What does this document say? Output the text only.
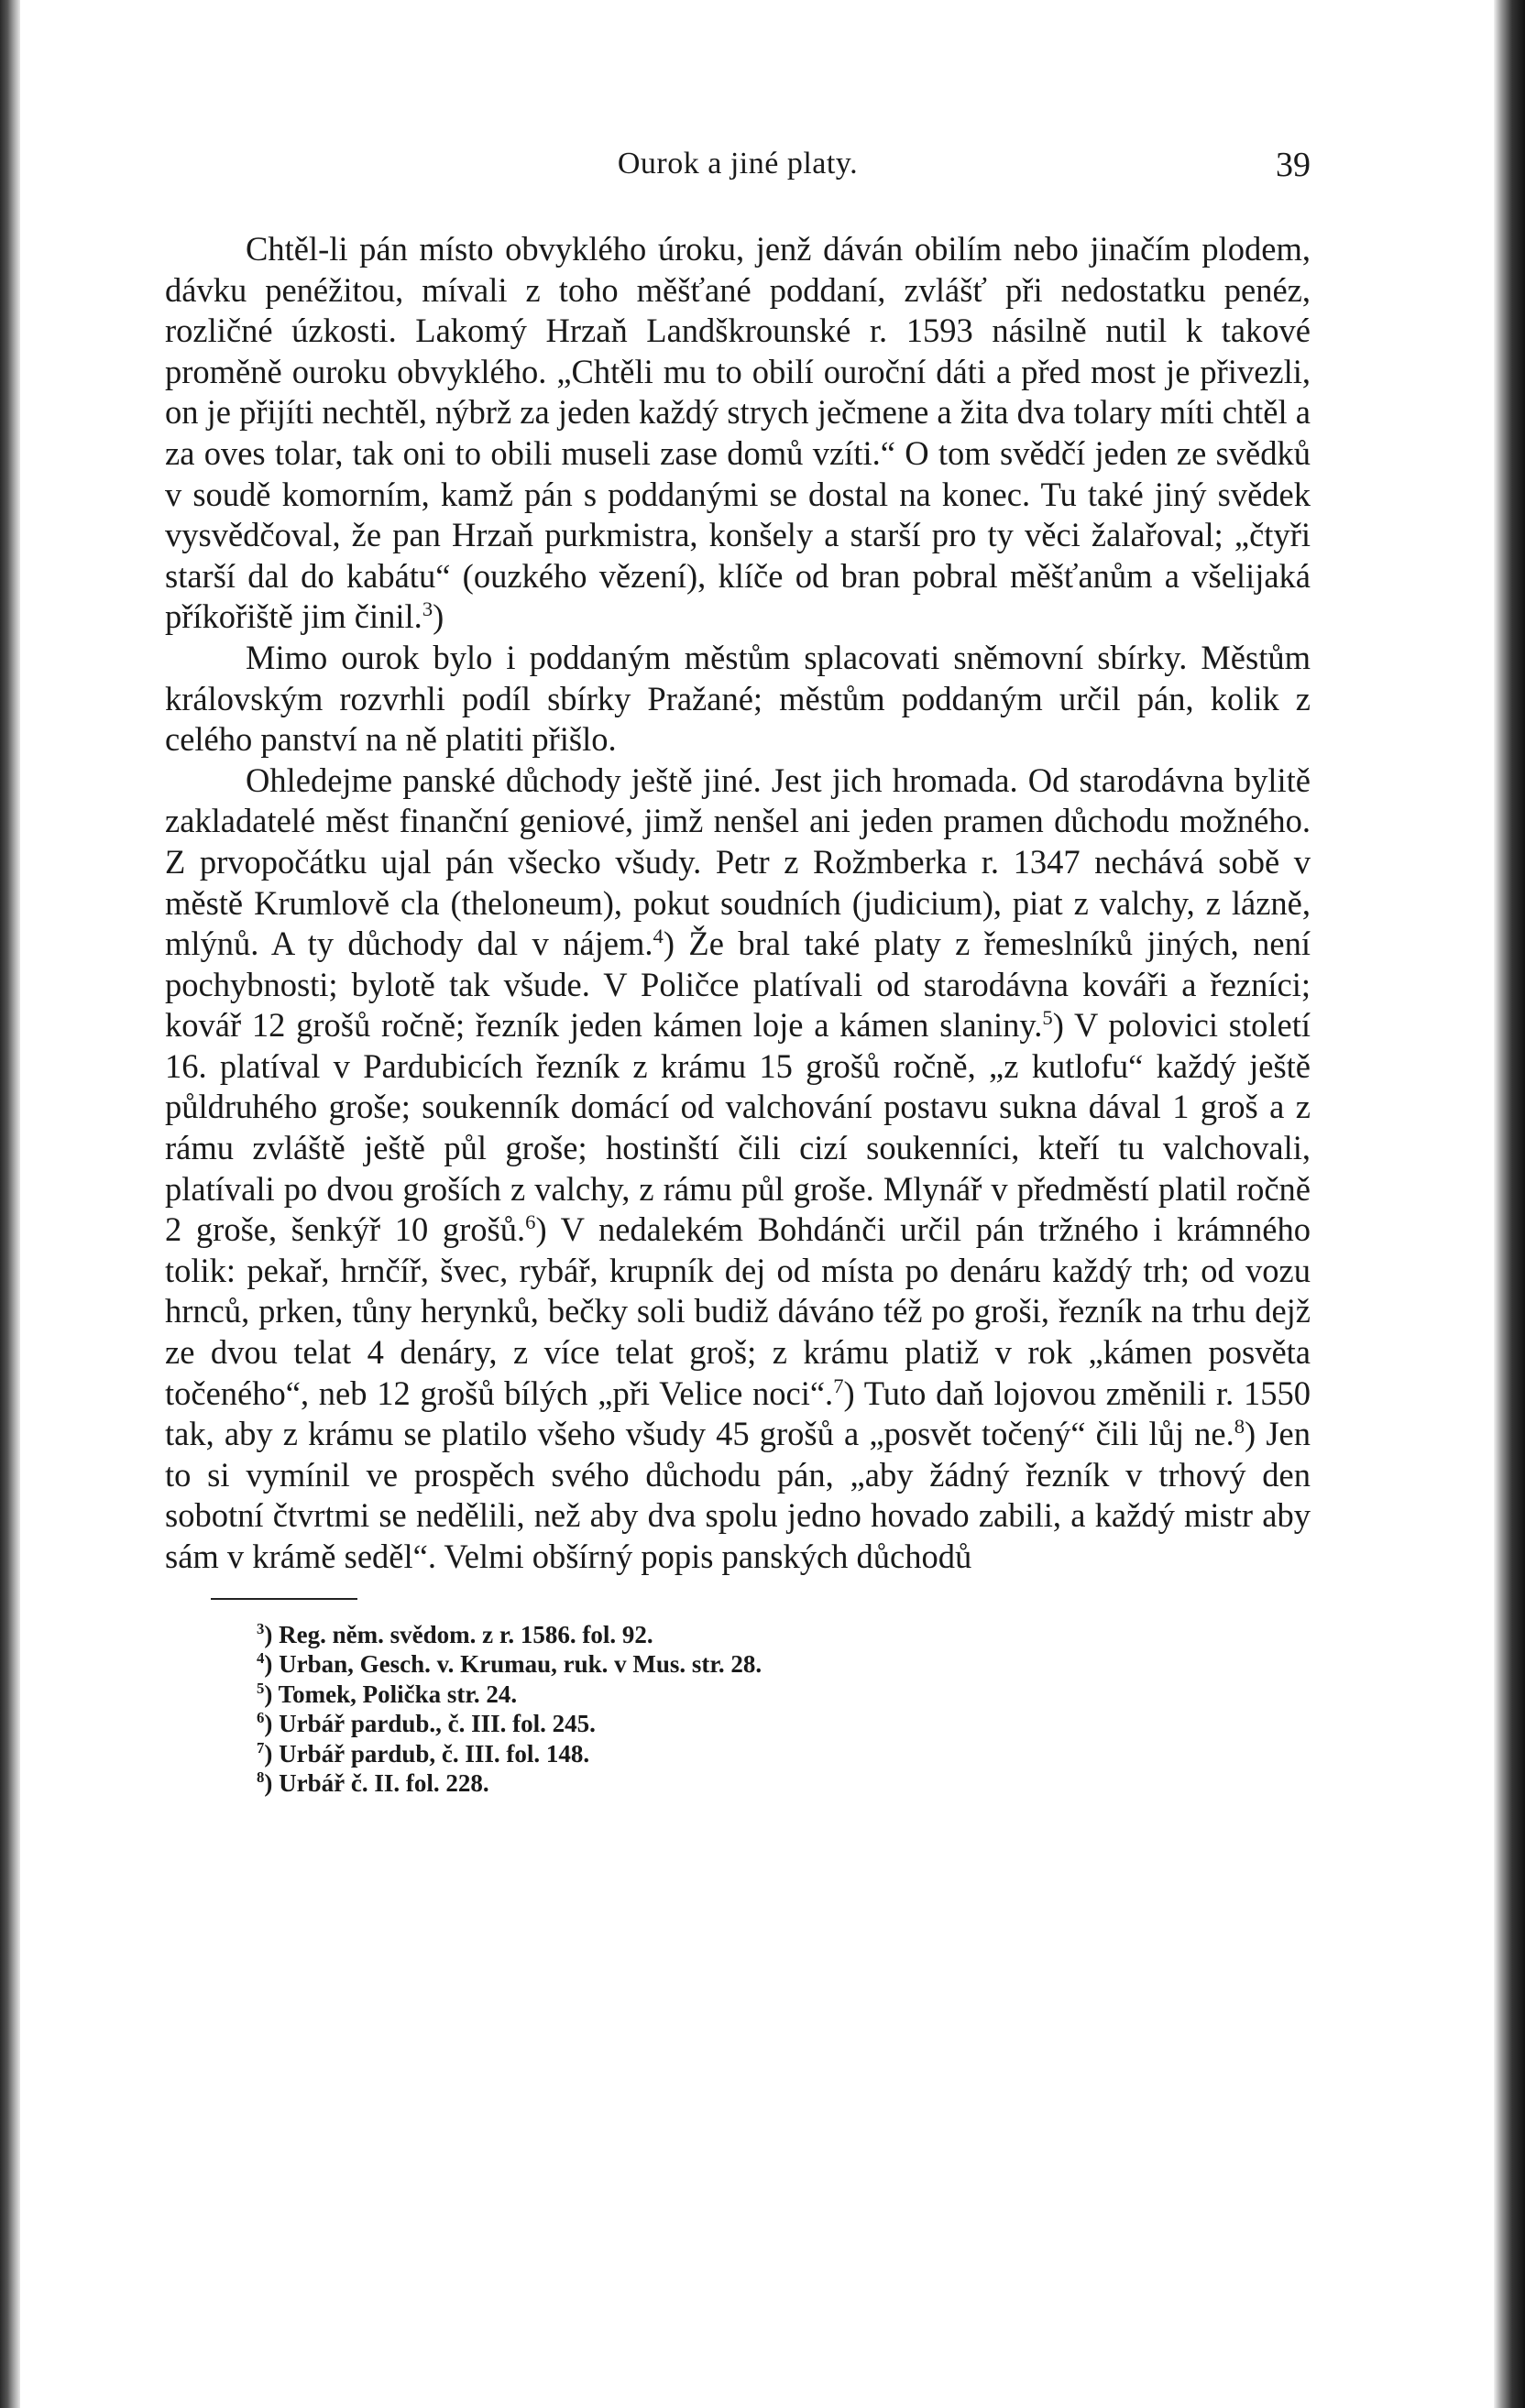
Ourok a jiné platy.	39

Chtěl-li pán místo obvyklého úroku, jenž dáván obilím nebo jinačím plodem, dávku penéžitou, mívali z toho měšťané poddaní, zvlášť při nedostatku penéz, rozličné úzkosti. Lakomý Hrzaň Landškrounské r. 1593 násilně nutil k takové proměně ouroku obvyklého. „Chtěli mu to obilí ouroční dáti a před most je přivezli, on je přijíti nechtěl, nýbrž za jeden každý strych ječmene a žita dva tolary míti chtěl a za oves tolar, tak oni to obili museli zase domů vzíti.“ O tom svědčí jeden ze svědků v soudě komorním, kamž pán s poddanými se dostal na konec. Tu také jiný svědek vysvědčoval, že pan Hrzaň purkmistra, konšely a starší pro ty věci žalařoval; „čtyři starší dal do kabátu“ (ouzkého vězení), klíče od bran pobral měšťanům a všelijaká příkořiště jim činil.$^3$)

Mimo ourok bylo i poddaným městům splacovati sněmovní sbírky. Městům královským rozvrhli podíl sbírky Pražané; městům poddaným určil pán, kolik z celého panství na ně platiti přišlo.

Ohledejme panské důchody ještě jiné. Jest jich hromada. Od starodávna bylitě zakladatelé měst finanční geniové, jimž nenšel ani jeden pramen důchodu možného. Z prvopočátku ujal pán všecko všudy. Petr z Rožmberka r. 1347 nechává sobě v městě Krumlově cla (theloneum), pokut soudních (judicium), piat z valchy, z lázně, mlýnů. A ty důchody dal v nájem.$^4$) Že bral také platy z řemeslníků jiných, není pochybnosti; bylotě tak všude. V Poličce platívali od starodávna kováři a řezníci; kovář 12 grošů ročně; řezník jeden kámen loje a kámen slaniny.$^5$) V polovici století 16. platíval v Pardubicích řezník z krámu 15 grošů ročně, „z kutlofu“ každý ještě půldruhého groše; soukenník domácí od valchování postavu sukna dával 1 groš a z rámu zvláště ještě půl groše; hostinští čili cizí soukenníci, kteří tu valchovali, platívali po dvou groších z valchy, z rámu půl groše. Mlynář v předměstí platil ročně 2 groše, šenkýř 10 grošů.$^6$) V nedalekém Bohdánči určil pán tržného i krámného tolik: pekař, hrnčíř, švec, rybář, krupník dej od místa po denáru každý trh; od vozu hrnců, prken, tůny herynků, bečky soli budiž dáváno též po groši, řezník na trhu dejž ze dvou telat 4 denáry, z více telat groš; z krámu platiž v rok „kámen posvěta točeného“, neb 12 grošů bílých „při Velice noci“.$^7$) Tuto daň lojovou změnili r. 1550 tak, aby z krámu se platilo všeho všudy 45 grošů a „posvět točený“ čili lůj ne.$^8$) Jen to si vymínil ve prospěch svého důchodu pán, „aby žádný řezník v trhový den sobotní čtvrtmi se nedělili, než aby dva spolu jedno hovado zabili, a každý mistr aby sám v krámě seděl“. Velmi obšírný popis panských důchodů

$^3$) Reg. něm. svědom. z r. 1586. fol. 92.
$^4$) Urban, Gesch. v. Krumau, ruk. v Mus. str. 28.
$^5$) Tomek, Polička str. 24.
$^6$) Urbář pardub., č. III. fol. 245.
$^7$) Urbář pardub, č. III. fol. 148.
$^8$) Urbář č. II. fol. 228.
